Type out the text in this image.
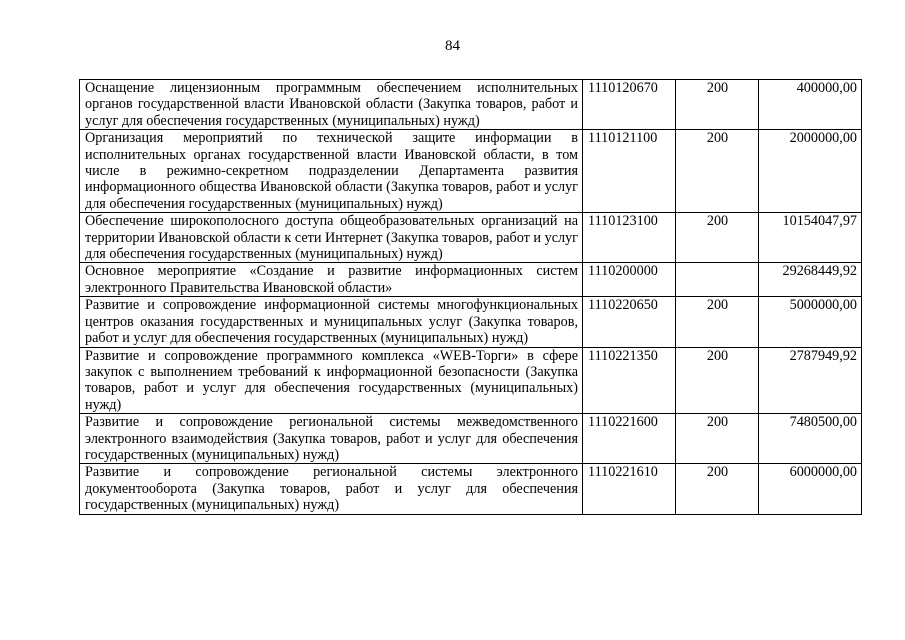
84
Оснащение лицензионным программным обеспечением исполнительных органов государственной власти Ивановской области (Закупка товаров, работ и услуг для обеспечения государственных (муниципальных) нужд)	1110120670	200	400000,00
Организация мероприятий по технической защите информации в исполнительных органах государственной власти Ивановской области, в том числе в режимно-секретном подразделении Департамента развития информационного общества Ивановской области (Закупка товаров, работ и услуг для обеспечения государственных (муниципальных) нужд)	1110121100	200	2000000,00
Обеспечение широкополосного доступа общеобразовательных организаций на территории Ивановской области к сети Интернет (Закупка товаров, работ и услуг для обеспечения государственных (муниципальных) нужд)	1110123100	200	10154047,97
Основное мероприятие «Создание и развитие информационных систем электронного Правительства Ивановской области»	1110200000		29268449,92
Развитие и сопровождение информационной системы многофункциональных центров оказания государственных и муниципальных услуг (Закупка товаров, работ и услуг для обеспечения государственных (муниципальных) нужд)	1110220650	200	5000000,00
Развитие и сопровождение программного комплекса «WEB-Торги» в сфере закупок с выполнением требований к информационной безопасности (Закупка товаров, работ и услуг для обеспечения государственных (муниципальных) нужд)	1110221350	200	2787949,92
Развитие и сопровождение региональной системы межведомственного электронного взаимодействия (Закупка товаров, работ и услуг для обеспечения государственных (муниципальных) нужд)	1110221600	200	7480500,00
Развитие и сопровождение региональной системы электронного документооборота (Закупка товаров, работ и услуг для обеспечения государственных (муниципальных) нужд)	1110221610	200	6000000,00
